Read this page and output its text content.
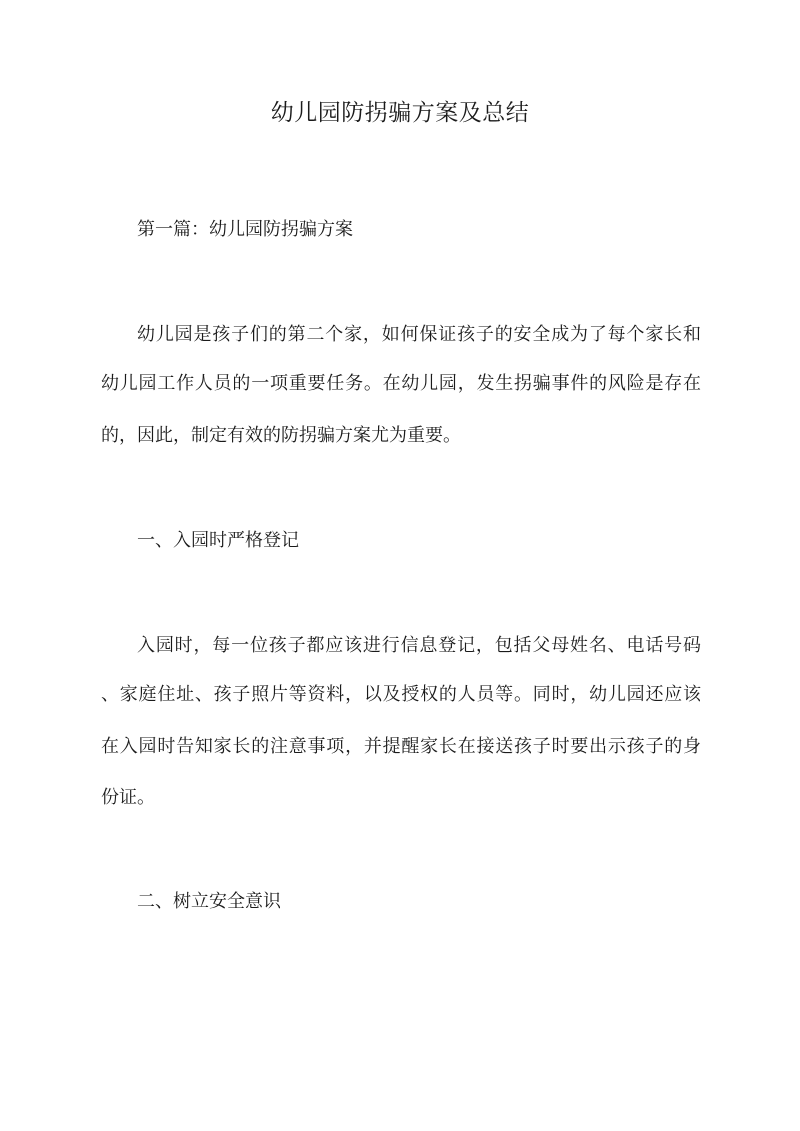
幼儿园防拐骗方案及总结

第一篇：幼儿园防拐骗方案

幼儿园是孩子们的第二个家，如何保证孩子的安全成为了每个家长和

幼儿园工作人员的一项重要任务。在幼儿园，发生拐骗事件的风险是存在

的，因此，制定有效的防拐骗方案尤为重要。

一、入园时严格登记

入园时，每一位孩子都应该进行信息登记，包括父母姓名、电话号码

、家庭住址、孩子照片等资料，以及授权的人员等。同时，幼儿园还应该

在入园时告知家长的注意事项，并提醒家长在接送孩子时要出示孩子的身

份证。

二、树立安全意识
